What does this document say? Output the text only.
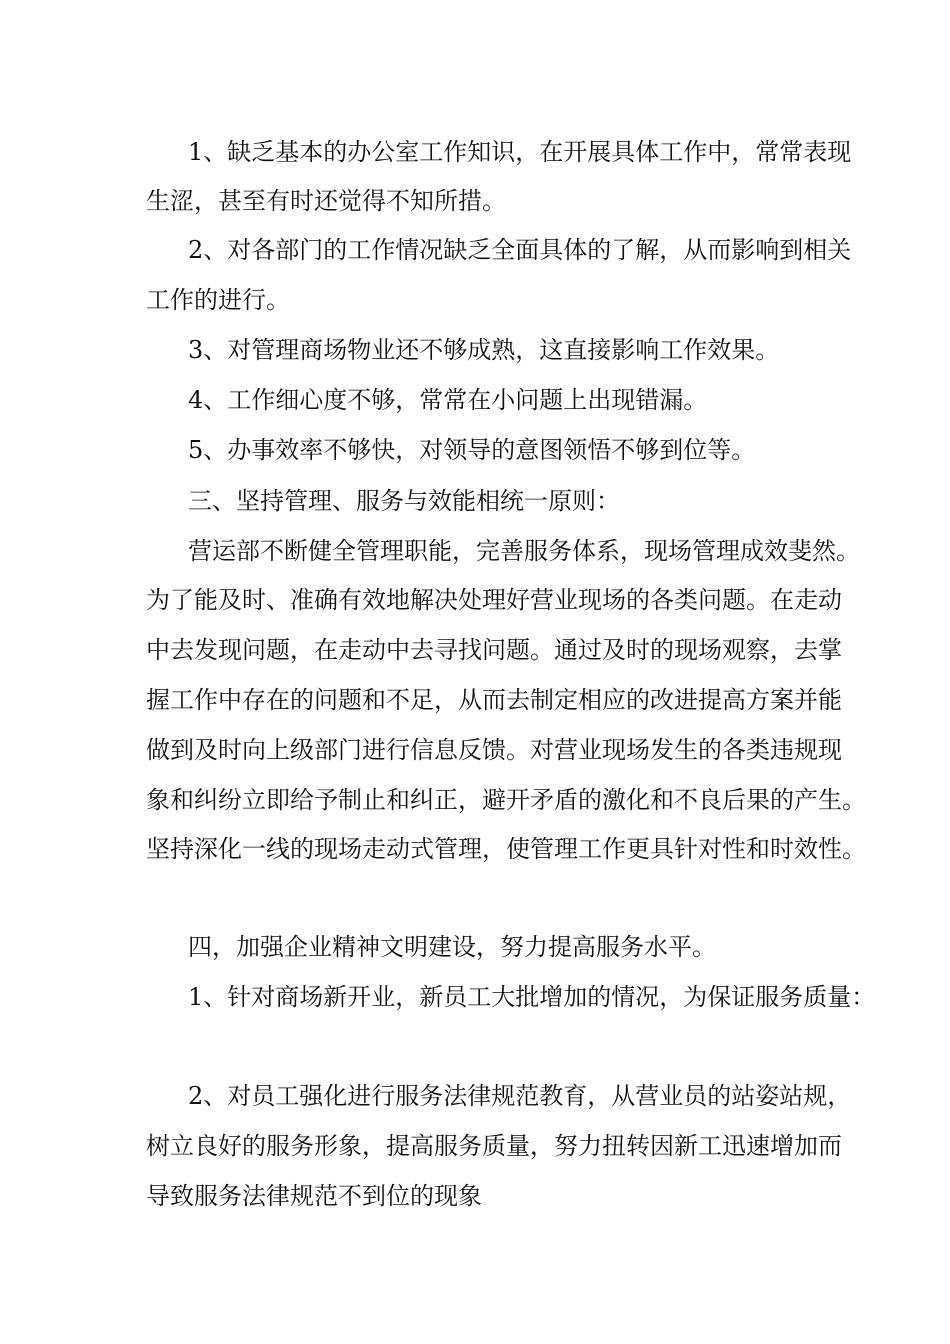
1、缺乏基本的办公室工作知识，在开展具体工作中，常常表现
生涩，甚至有时还觉得不知所措。
2、对各部门的工作情况缺乏全面具体的了解，从而影响到相关
工作的进行。
3、对管理商场物业还不够成熟，这直接影响工作效果。
4、工作细心度不够，常常在小问题上出现错漏。
5、办事效率不够快，对领导的意图领悟不够到位等。
三、坚持管理、服务与效能相统一原则：
营运部不断健全管理职能，完善服务体系，现场管理成效斐然。
为了能及时、准确有效地解决处理好营业现场的各类问题。在走动
中去发现问题，在走动中去寻找问题。通过及时的现场观察，去掌
握工作中存在的问题和不足，从而去制定相应的改进提高方案并能
做到及时向上级部门进行信息反馈。对营业现场发生的各类违规现
象和纠纷立即给予制止和纠正，避开矛盾的激化和不良后果的产生。
坚持深化一线的现场走动式管理，使管理工作更具针对性和时效性。
四，加强企业精神文明建设，努力提高服务水平。
1、针对商场新开业，新员工大批增加的情况，为保证服务质量：
2、对员工强化进行服务法律规范教育，从营业员的站姿站规，
树立良好的服务形象，提高服务质量，努力扭转因新工迅速增加而
导致服务法律规范不到位的现象
